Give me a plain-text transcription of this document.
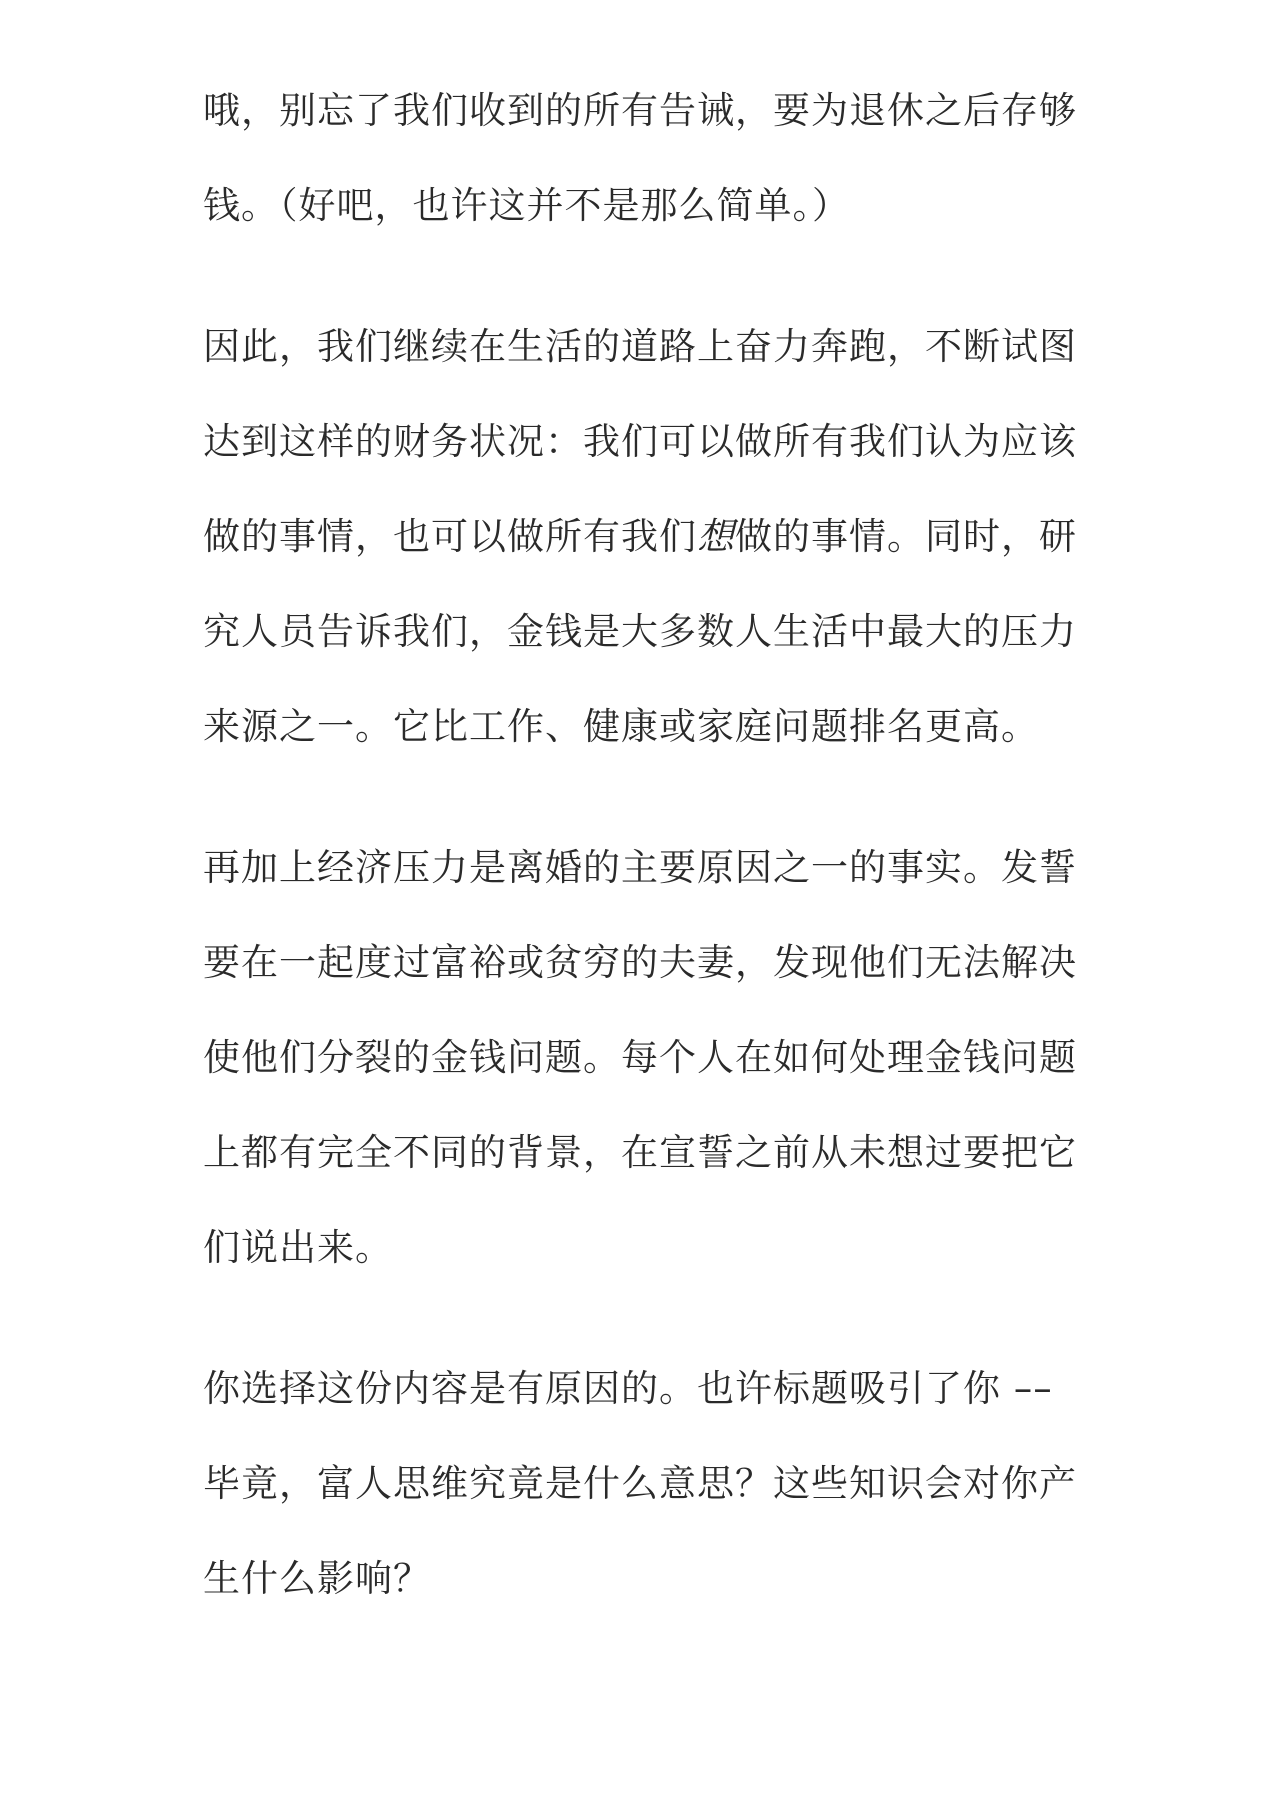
哦，别忘了我们收到的所有告诫，要为退休之后存够
钱。（好吧，也许这并不是那么简单。）

因此，我们继续在生活的道路上奋力奔跑，不断试图
达到这样的财务状况：我们可以做所有我们认为应该
做的事情，也可以做所有我们想做的事情。同时，研
究人员告诉我们，金钱是大多数人生活中最大的压力
来源之一。它比工作、健康或家庭问题排名更高。

再加上经济压力是离婚的主要原因之一的事实。发誓
要在一起度过富裕或贫穷的夫妻，发现他们无法解决
使他们分裂的金钱问题。每个人在如何处理金钱问题
上都有完全不同的背景，在宣誓之前从未想过要把它
们说出来。

你选择这份内容是有原因的。也许标题吸引了你 ––
毕竟，富人思维究竟是什么意思？这些知识会对你产
生什么影响？
